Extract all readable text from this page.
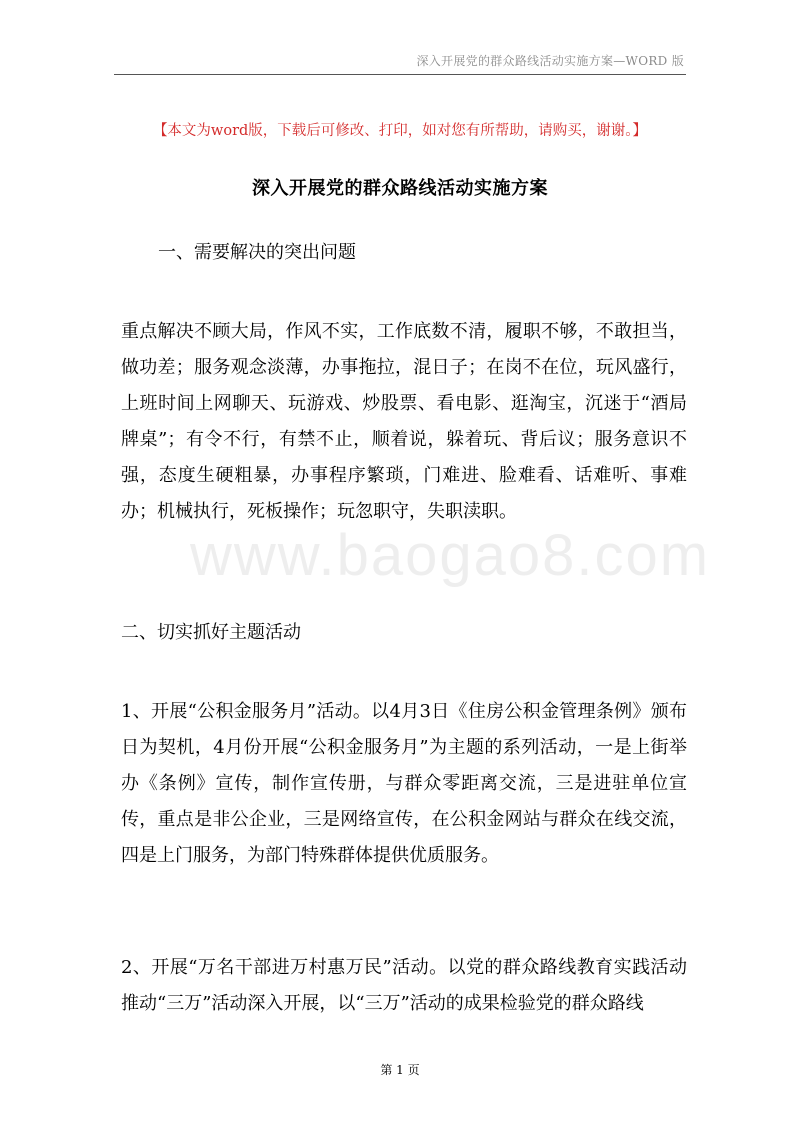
深入开展党的群众路线活动实施方案—WORD 版
【本文为word版，下载后可修改、打印，如对您有所帮助，请购买，谢谢。】
深入开展党的群众路线活动实施方案
一、需要解决的突出问题
重点解决不顾大局，作风不实，工作底数不清，履职不够，不敢担当，做功差；服务观念淡薄，办事拖拉，混日子；在岗不在位，玩风盛行，上班时间上网聊天、玩游戏、炒股票、看电影、逛淘宝，沉迷于“酒局牌桌”；有令不行，有禁不止，顺着说，躲着玩、背后议；服务意识不强，态度生硬粗暴，办事程序繁琐，门难进、脸难看、话难听、事难办；机械执行，死板操作；玩忽职守，失职渎职。
www.baogao8.com
二、切实抓好主题活动
1、开展“公积金服务月”活动。以4月3日《住房公积金管理条例》颁布日为契机，4月份开展“公积金服务月”为主题的系列活动，一是上街举办《条例》宣传，制作宣传册，与群众零距离交流，三是进驻单位宣传，重点是非公企业，三是网络宣传，在公积金网站与群众在线交流，四是上门服务，为部门特殊群体提供优质服务。
2、开展“万名干部进万村惠万民”活动。以党的群众路线教育实践活动推动“三万”活动深入开展，以“三万”活动的成果检验党的群众路线
第 1 页
